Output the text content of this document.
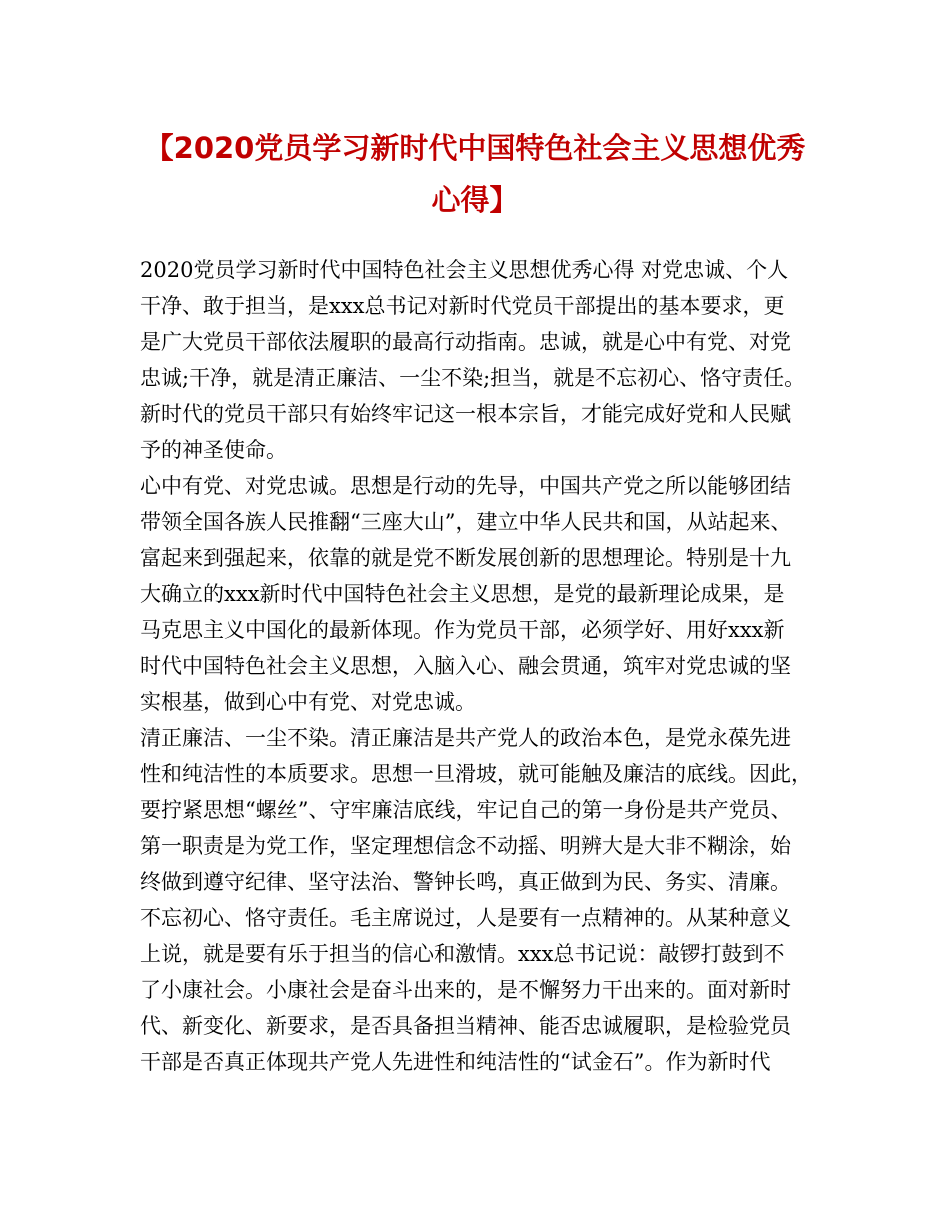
【2020党员学习新时代中国特色社会主义思想优秀心得】
2020党员学习新时代中国特色社会主义思想优秀心得 对党忠诚、个人
干净、敢于担当，是xxx总书记对新时代党员干部提出的基本要求，更
是广大党员干部依法履职的最高行动指南。忠诚，就是心中有党、对党
忠诚;干净，就是清正廉洁、一尘不染;担当，就是不忘初心、恪守责任。
新时代的党员干部只有始终牢记这一根本宗旨，才能完成好党和人民赋
予的神圣使命。
心中有党、对党忠诚。思想是行动的先导，中国共产党之所以能够团结
带领全国各族人民推翻“三座大山”，建立中华人民共和国，从站起来、
富起来到强起来，依靠的就是党不断发展创新的思想理论。特别是十九
大确立的xxx新时代中国特色社会主义思想，是党的最新理论成果，是
马克思主义中国化的最新体现。作为党员干部，必须学好、用好xxx新
时代中国特色社会主义思想，入脑入心、融会贯通，筑牢对党忠诚的坚
实根基，做到心中有党、对党忠诚。
清正廉洁、一尘不染。清正廉洁是共产党人的政治本色，是党永葆先进
性和纯洁性的本质要求。思想一旦滑坡，就可能触及廉洁的底线。因此，
要拧紧思想“螺丝”、守牢廉洁底线，牢记自己的第一身份是共产党员、
第一职责是为党工作，坚定理想信念不动摇、明辨大是大非不糊涂，始
终做到遵守纪律、坚守法治、警钟长鸣，真正做到为民、务实、清廉。
不忘初心、恪守责任。毛主席说过，人是要有一点精神的。从某种意义
上说，就是要有乐于担当的信心和激情。xxx总书记说：敲锣打鼓到不
了小康社会。小康社会是奋斗出来的，是不懈努力干出来的。面对新时
代、新变化、新要求，是否具备担当精神、能否忠诚履职，是检验党员
干部是否真正体现共产党人先进性和纯洁性的“试金石”。作为新时代
